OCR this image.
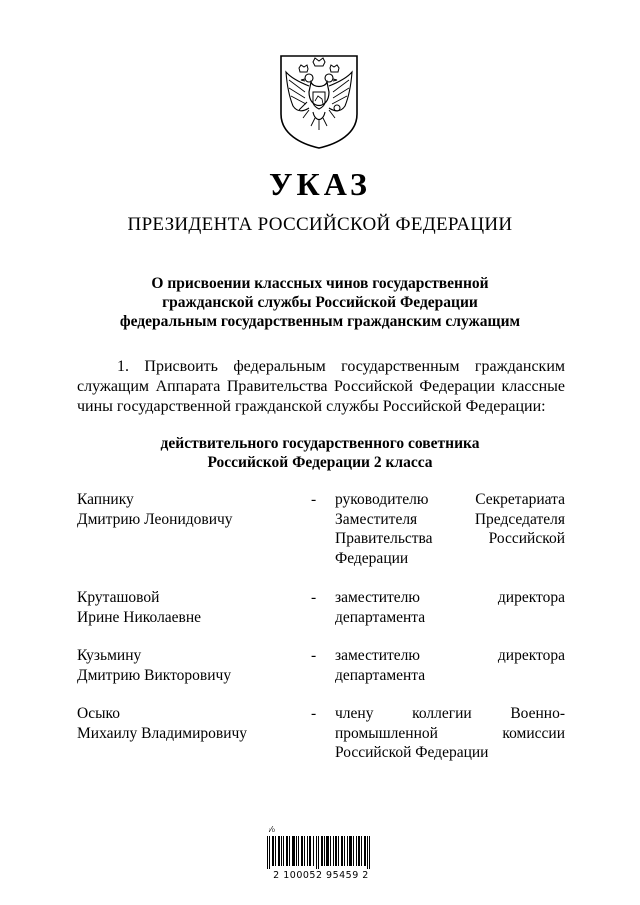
УКАЗ
ПРЕЗИДЕНТА РОССИЙСКОЙ ФЕДЕРАЦИИ
О присвоении классных чинов государственной
гражданской службы Российской Федерации
федеральным государственным гражданским служащим
1. Присвоить федеральным государственным гражданским
служащим Аппарата Правительства Российской Федерации классные
чины государственной гражданской службы Российской Федерации:
действительного государственного советника
Российской Федерации 2 класса
Капнику
Дмитрию Леонидовичу
- руководителю Секретариата
Заместителя Председателя
Правительства Российской
Федерации
Круташовой
Ирине Николаевне
- заместителю директора
департамента
Кузьмину
Дмитрию Викторовичу
- заместителю директора
департамента
Осыко
Михаилу Владимировичу
- члену коллегии Военно-
промышленной комиссии
Российской Федерации
ᵢ⁄₀
2 100052 95459 2
